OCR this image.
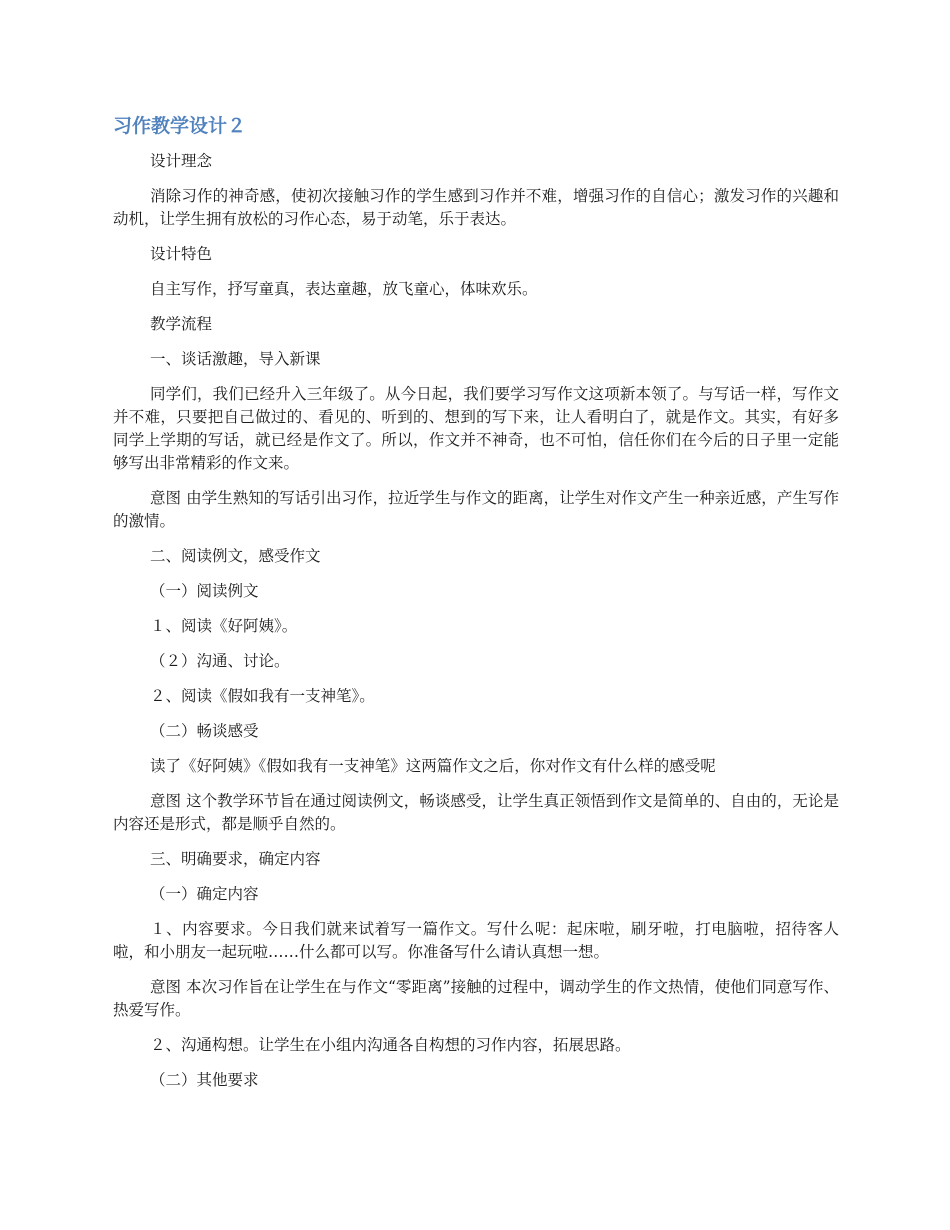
习作教学设计２

设计理念

消除习作的神奇感，使初次接触习作的学生感到习作并不难，增强习作的自信心；激发习作的兴趣和动机，让学生拥有放松的习作心态，易于动笔，乐于表达。

设计特色

自主写作，抒写童真，表达童趣，放飞童心，体味欢乐。

教学流程

一、谈话激趣，导入新课

同学们，我们已经升入三年级了。从今日起，我们要学习写作文这项新本领了。与写话一样，写作文并不难，只要把自己做过的、看见的、听到的、想到的写下来，让人看明白了，就是作文。其实，有好多同学上学期的写话，就已经是作文了。所以，作文并不神奇，也不可怕，信任你们在今后的日子里一定能够写出非常精彩的作文来。

意图 由学生熟知的写话引出习作，拉近学生与作文的距离，让学生对作文产生一种亲近感，产生写作的激情。

二、阅读例文，感受作文

（一）阅读例文

１、阅读《好阿姨》。

（２）沟通、讨论。

２、阅读《假如我有一支神笔》。

（二）畅谈感受

读了《好阿姨》《假如我有一支神笔》这两篇作文之后，你对作文有什么样的感受呢

意图 这个教学环节旨在通过阅读例文，畅谈感受，让学生真正领悟到作文是简单的、自由的，无论是内容还是形式，都是顺乎自然的。

三、明确要求，确定内容

（一）确定内容

１、内容要求。今日我们就来试着写一篇作文。写什么呢：起床啦，刷牙啦，打电脑啦，招待客人啦，和小朋友一起玩啦……什么都可以写。你准备写什么请认真想一想。

意图 本次习作旨在让学生在与作文“零距离”接触的过程中，调动学生的作文热情，使他们同意写作、热爱写作。

２、沟通构想。让学生在小组内沟通各自构想的习作内容，拓展思路。

（二）其他要求
